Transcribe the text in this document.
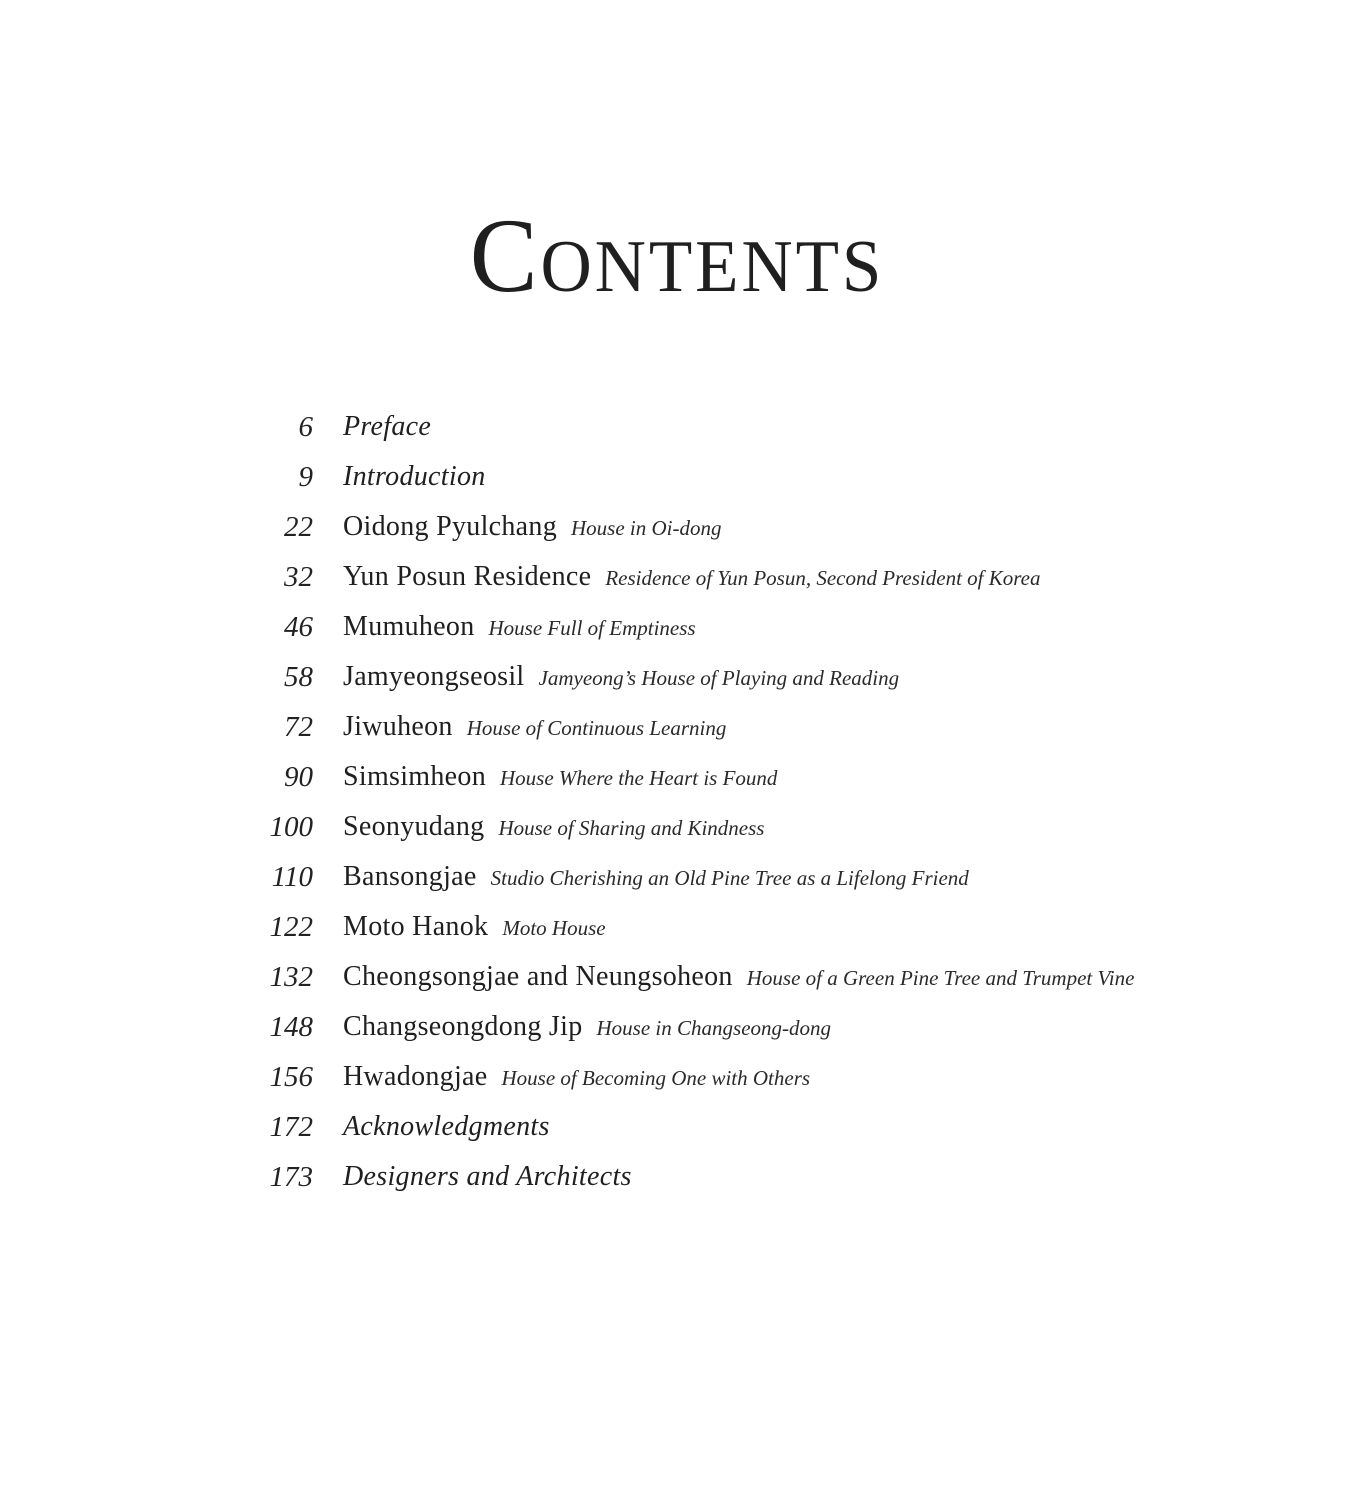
Contents
6 Preface
9 Introduction
22 Oidong Pyulchang House in Oi-dong
32 Yun Posun Residence Residence of Yun Posun, Second President of Korea
46 Mumuheon House Full of Emptiness
58 Jamyeongseosil Jamyeong’s House of Playing and Reading
72 Jiwuheon House of Continuous Learning
90 Simsimheon House Where the Heart is Found
100 Seonyudang House of Sharing and Kindness
110 Bansongjae Studio Cherishing an Old Pine Tree as a Lifelong Friend
122 Moto Hanok Moto House
132 Cheongsongjae and Neungsoheon House of a Green Pine Tree and Trumpet Vine
148 Changseongdong Jip House in Changseong-dong
156 Hwadongjae House of Becoming One with Others
172 Acknowledgments
173 Designers and Architects
